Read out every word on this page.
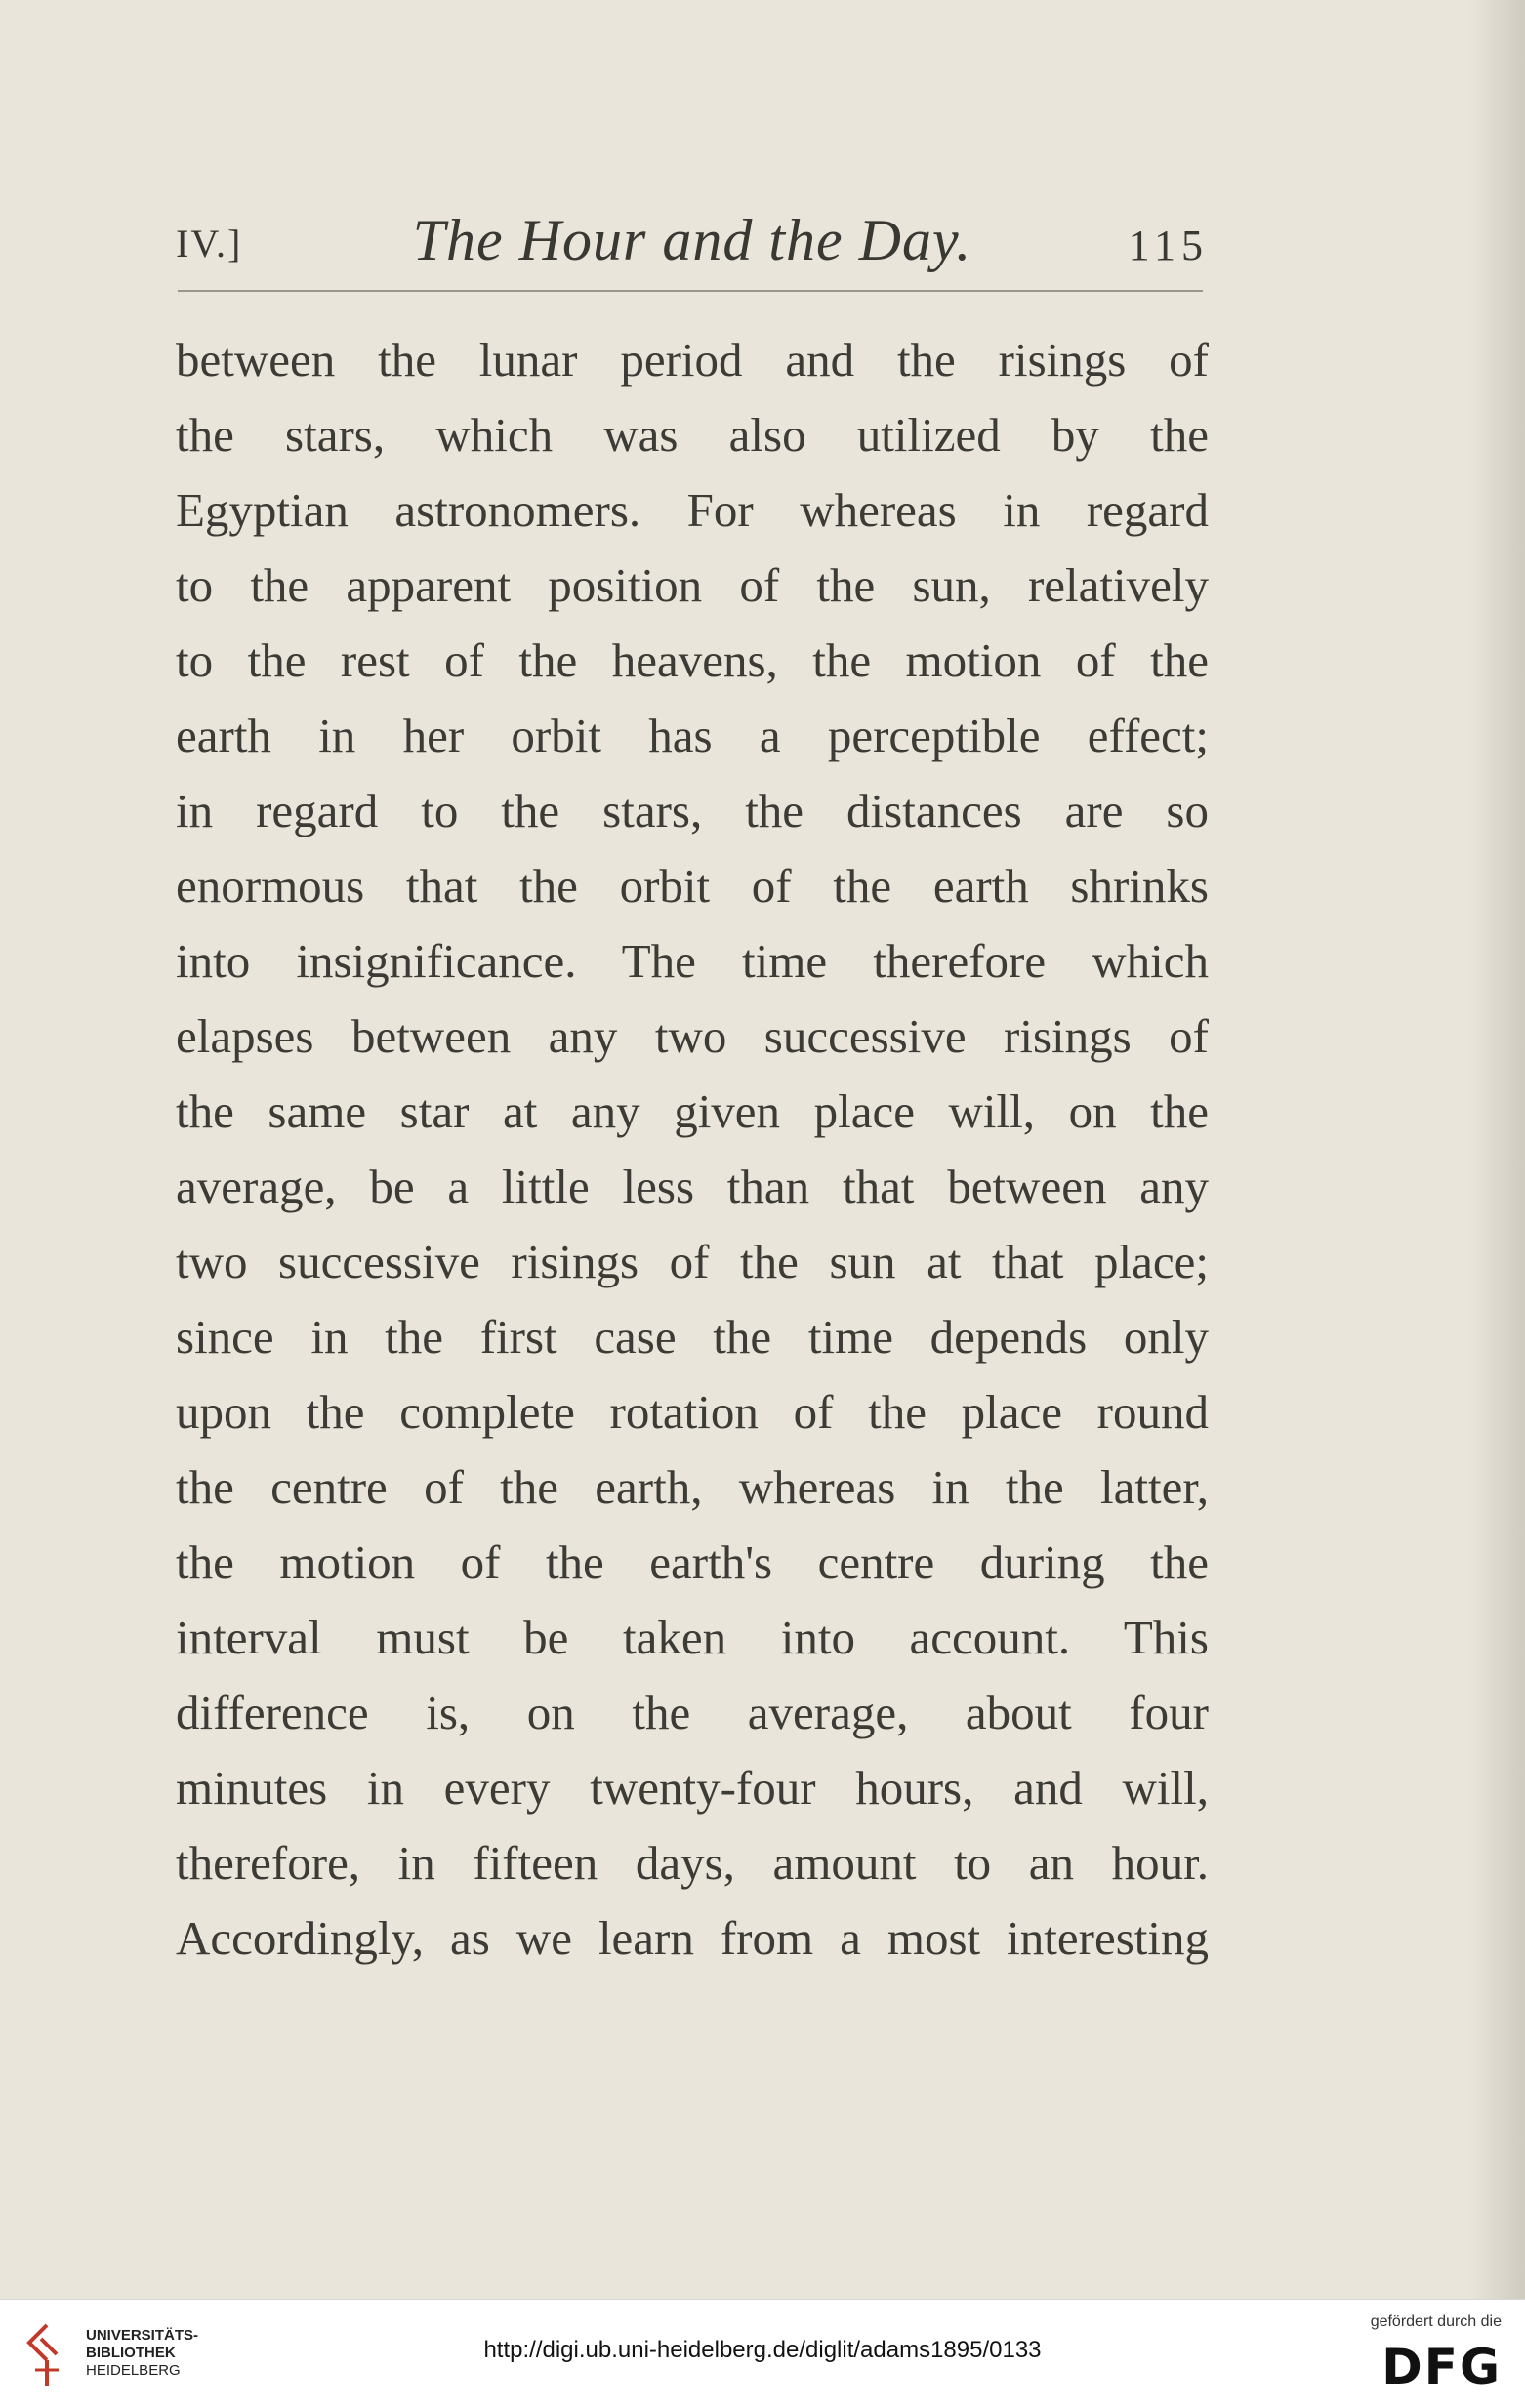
IV.]	The Hour and the Day.	115
between the lunar period and the risings of
the stars, which was also utilized by the
Egyptian astronomers. For whereas in regard
to the apparent position of the sun, relatively
to the rest of the heavens, the motion of the
earth in her orbit has a perceptible effect;
in regard to the stars, the distances are so
enormous that the orbit of the earth shrinks
into insignificance. The time therefore which
elapses between any two successive risings of
the same star at any given place will, on the
average, be a little less than that between any
two successive risings of the sun at that place;
since in the first case the time depends only
upon the complete rotation of the place round
the centre of the earth, whereas in the latter,
the motion of the earth's centre during the
interval must be taken into account. This
difference is, on the average, about four
minutes in every twenty-four hours, and will,
therefore, in fifteen days, amount to an hour.
Accordingly, as we learn from a most interesting
UNIVERSITÄTS-
BIBLIOTHEK
HEIDELBERG
http://digi.ub.uni-heidelberg.de/diglit/adams1895/0133
gefördert durch die
DFG
